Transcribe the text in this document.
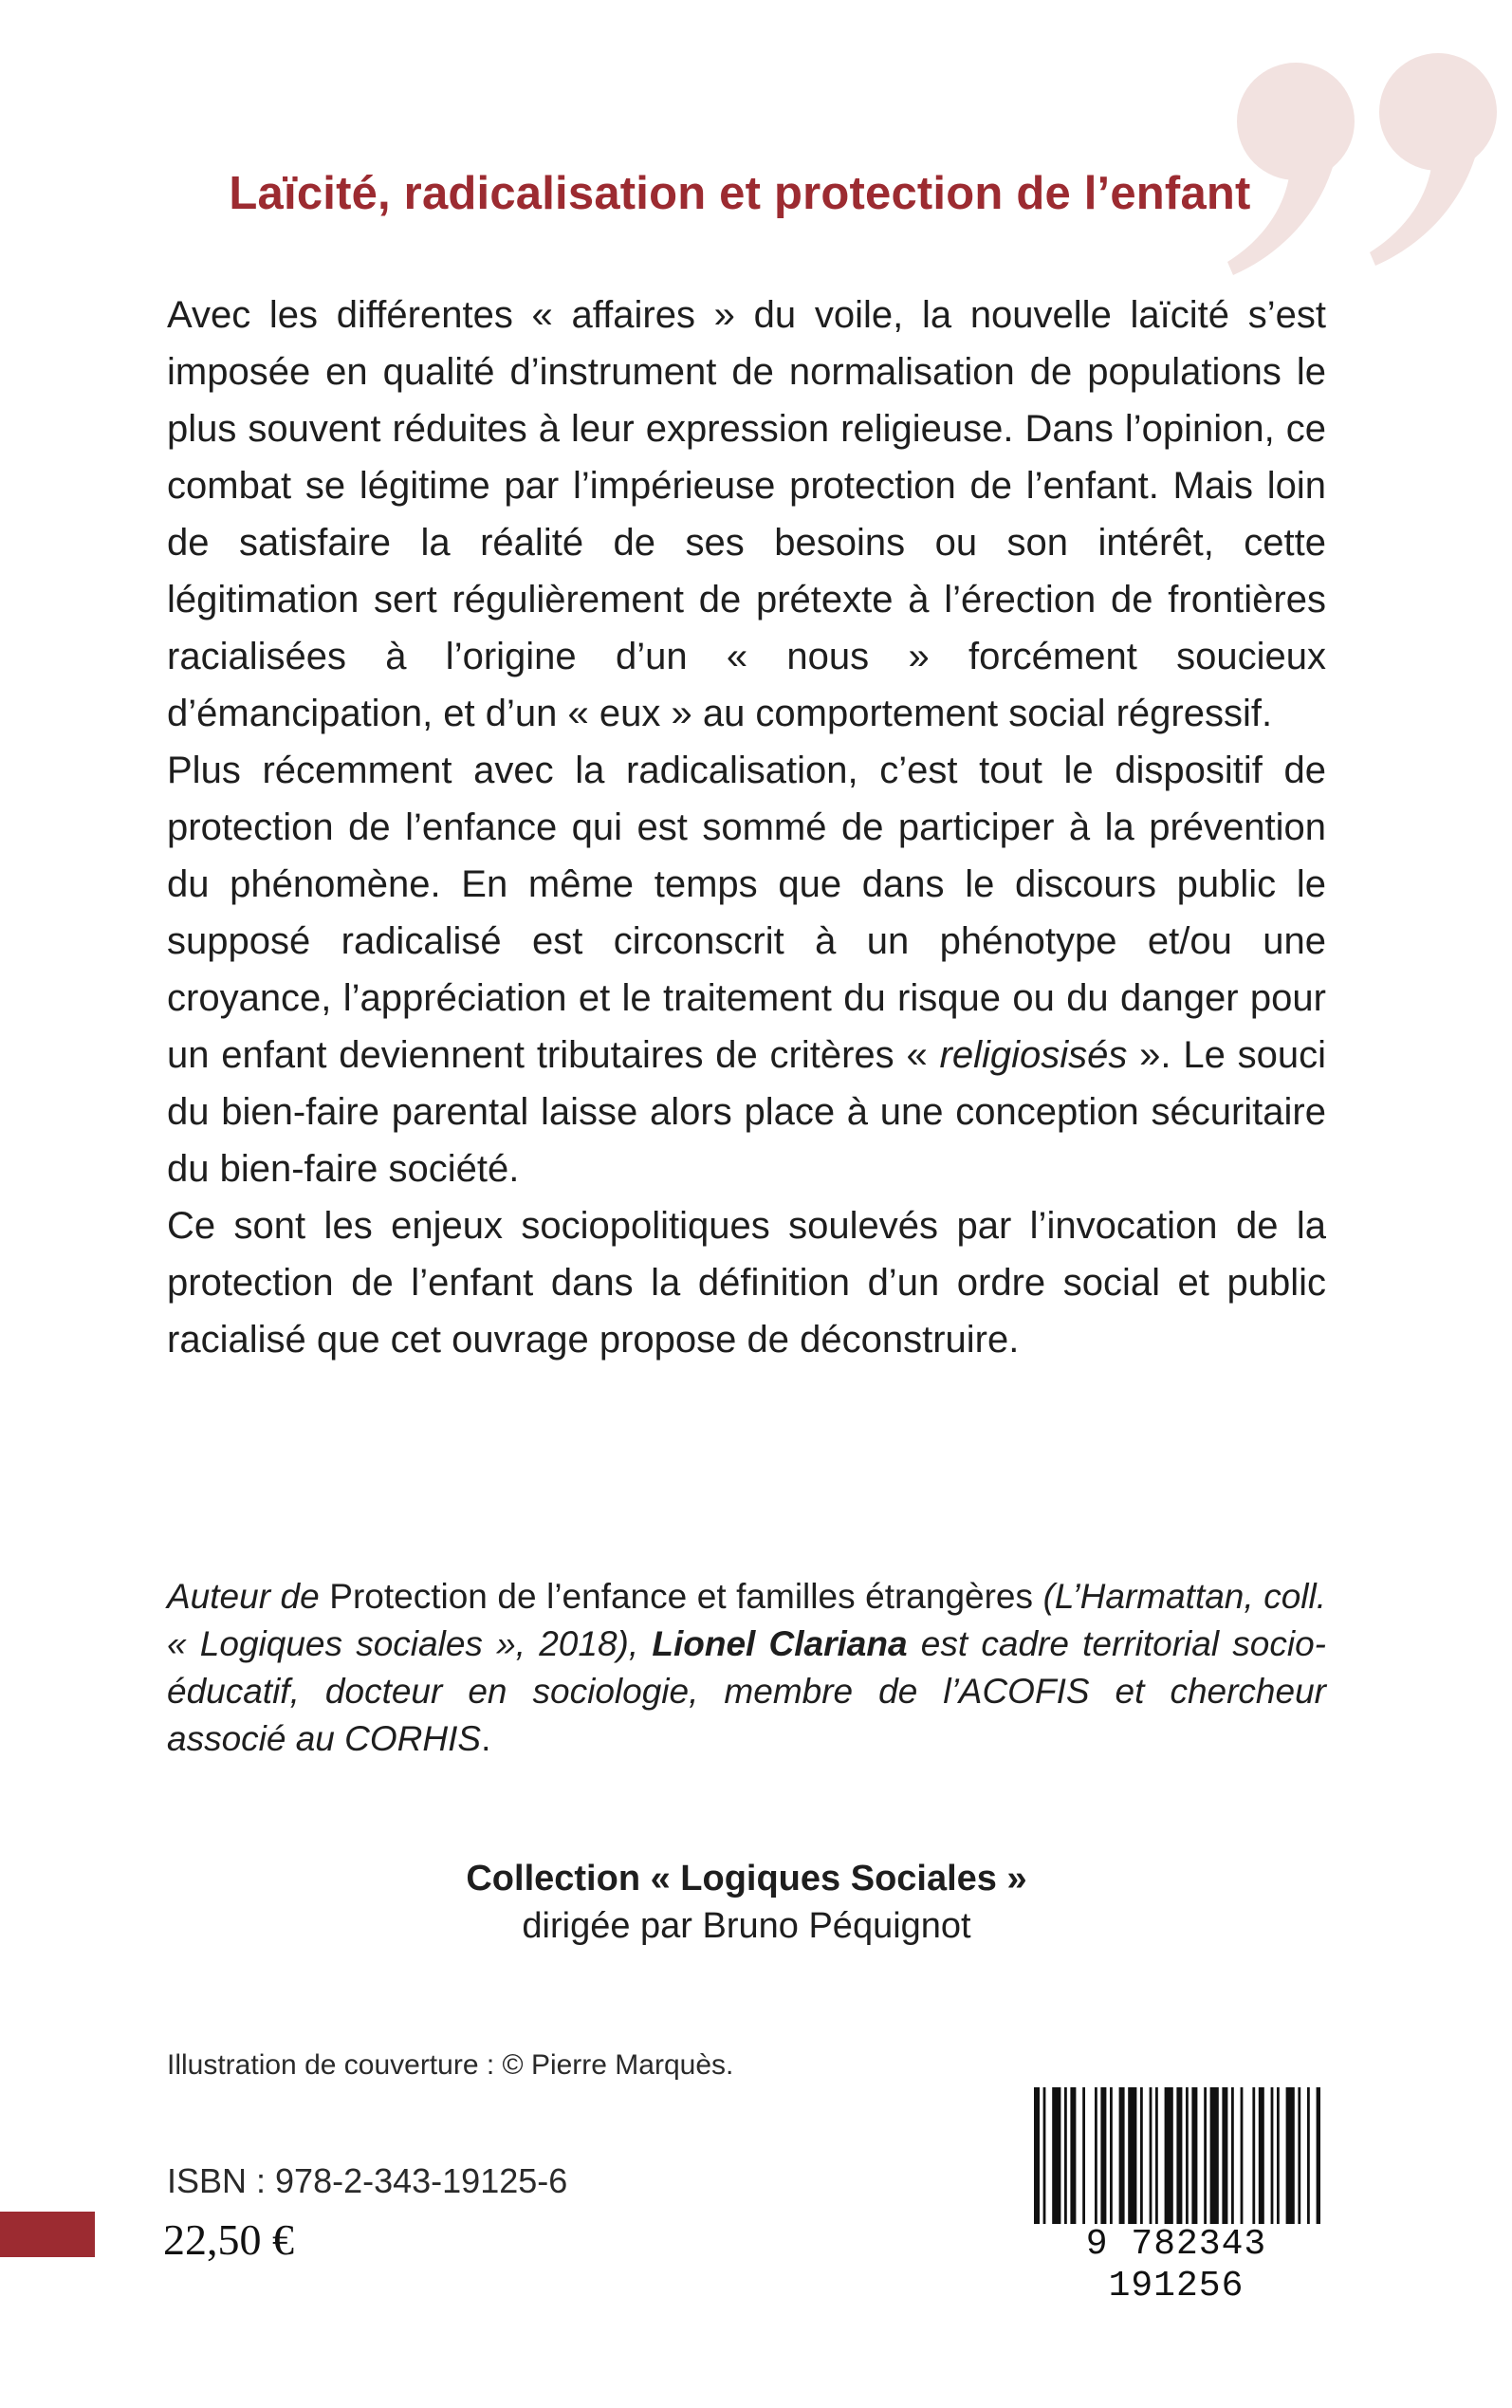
Laïcité, radicalisation et protection de l’enfant

Avec les différentes « affaires » du voile, la nouvelle laïcité s’est imposée en qualité d’instrument de normalisation de populations le plus souvent réduites à leur expression religieuse. Dans l’opinion, ce combat se légitime par l’impérieuse protection de l’enfant. Mais loin de satisfaire la réalité de ses besoins ou son intérêt, cette légitimation sert régulièrement de prétexte à l’érection de frontières racialisées à l’origine d’un « nous » forcément soucieux d’émancipation, et d’un « eux » au comportement social régressif.

Plus récemment avec la radicalisation, c’est tout le dispositif de protection de l’enfance qui est sommé de participer à la prévention du phénomène. En même temps que dans le discours public le supposé radicalisé est circonscrit à un phénotype et/ou une croyance, l’appréciation et le traitement du risque ou du danger pour un enfant deviennent tributaires de critères « religiosisés ». Le souci du bien-faire parental laisse alors place à une conception sécuritaire du bien-faire société.

Ce sont les enjeux sociopolitiques soulevés par l’invocation de la protection de l’enfant dans la définition d’un ordre social et public racialisé que cet ouvrage propose de déconstruire.

Auteur de Protection de l’enfance et familles étrangères (L’Harmattan, coll. « Logiques sociales », 2018), Lionel Clariana est cadre territorial socio-éducatif, docteur en sociologie, membre de l’ACOFIS et chercheur associé au CORHIS.

Collection « Logiques Sociales »
dirigée par Bruno Péquignot
Illustration de couverture : © Pierre Marquès.
ISBN : 978-2-343-19125-6
22,50 €	9 782343 191256
